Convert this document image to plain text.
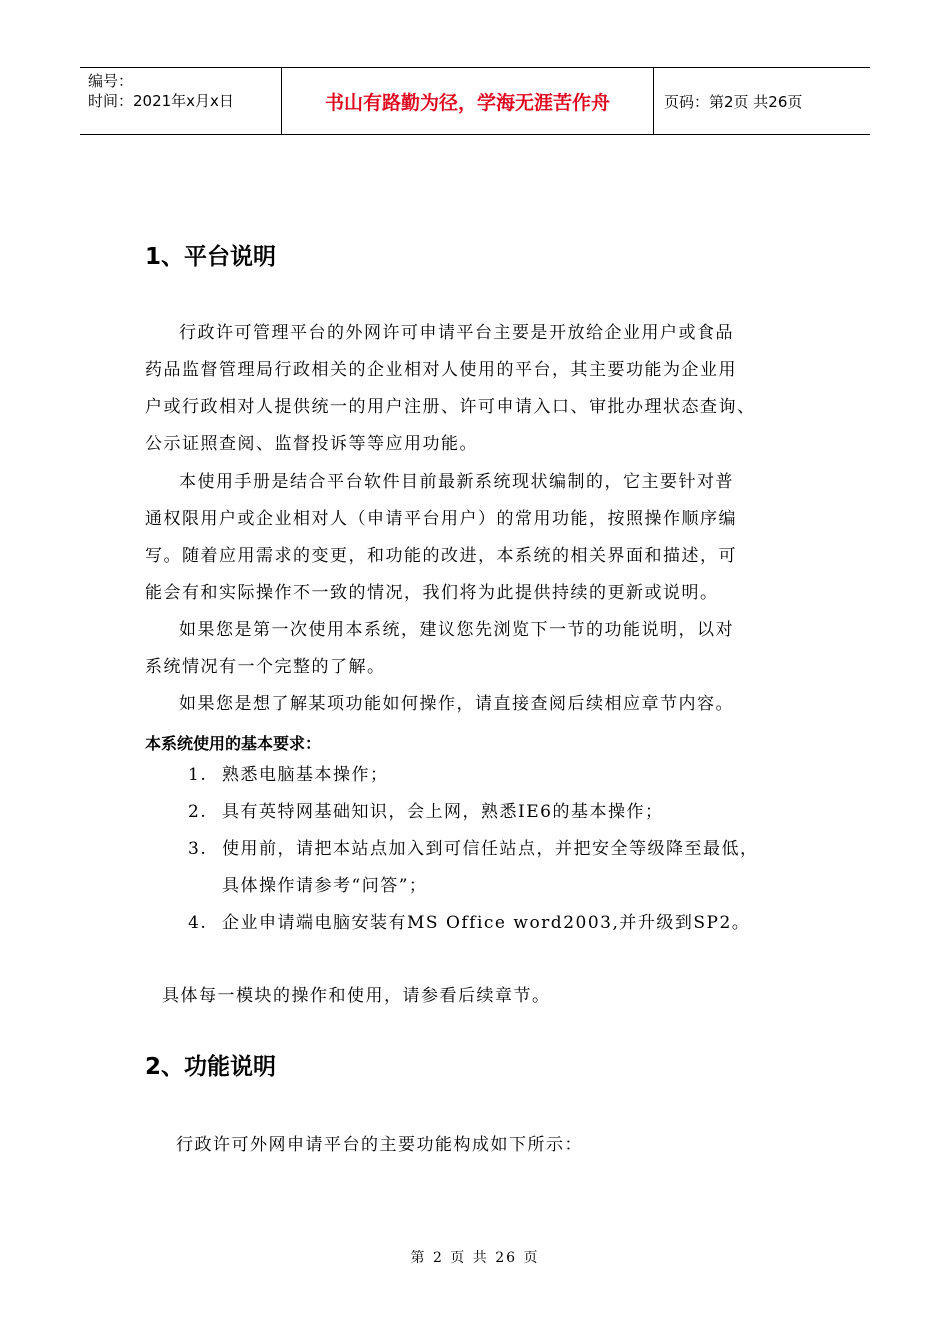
编号：
时间：2021年x月x日	书山有路勤为径，学海无涯苦作舟	页码：第2页 共26页
1、平台说明
行政许可管理平台的外网许可申请平台主要是开放给企业用户或食品
药品监督管理局行政相关的企业相对人使用的平台，其主要功能为企业用
户或行政相对人提供统一的用户注册、许可申请入口、审批办理状态查询、
公示证照查阅、监督投诉等等应用功能。
本使用手册是结合平台软件目前最新系统现状编制的，它主要针对普
通权限用户或企业相对人（申请平台用户）的常用功能，按照操作顺序编
写。随着应用需求的变更，和功能的改进，本系统的相关界面和描述，可
能会有和实际操作不一致的情况，我们将为此提供持续的更新或说明。
如果您是第一次使用本系统，建议您先浏览下一节的功能说明，以对
系统情况有一个完整的了解。
如果您是想了解某项功能如何操作，请直接查阅后续相应章节内容。
本系统使用的基本要求：
1. 熟悉电脑基本操作；
2. 具有英特网基础知识，会上网，熟悉IE6的基本操作；
3. 使用前，请把本站点加入到可信任站点，并把安全等级降至最低，
具体操作请参考“问答”；
4. 企业申请端电脑安装有MS Office word2003,并升级到SP2。
具体每一模块的操作和使用，请参看后续章节。
2、功能说明
行政许可外网申请平台的主要功能构成如下所示：
第 2 页 共 26 页
